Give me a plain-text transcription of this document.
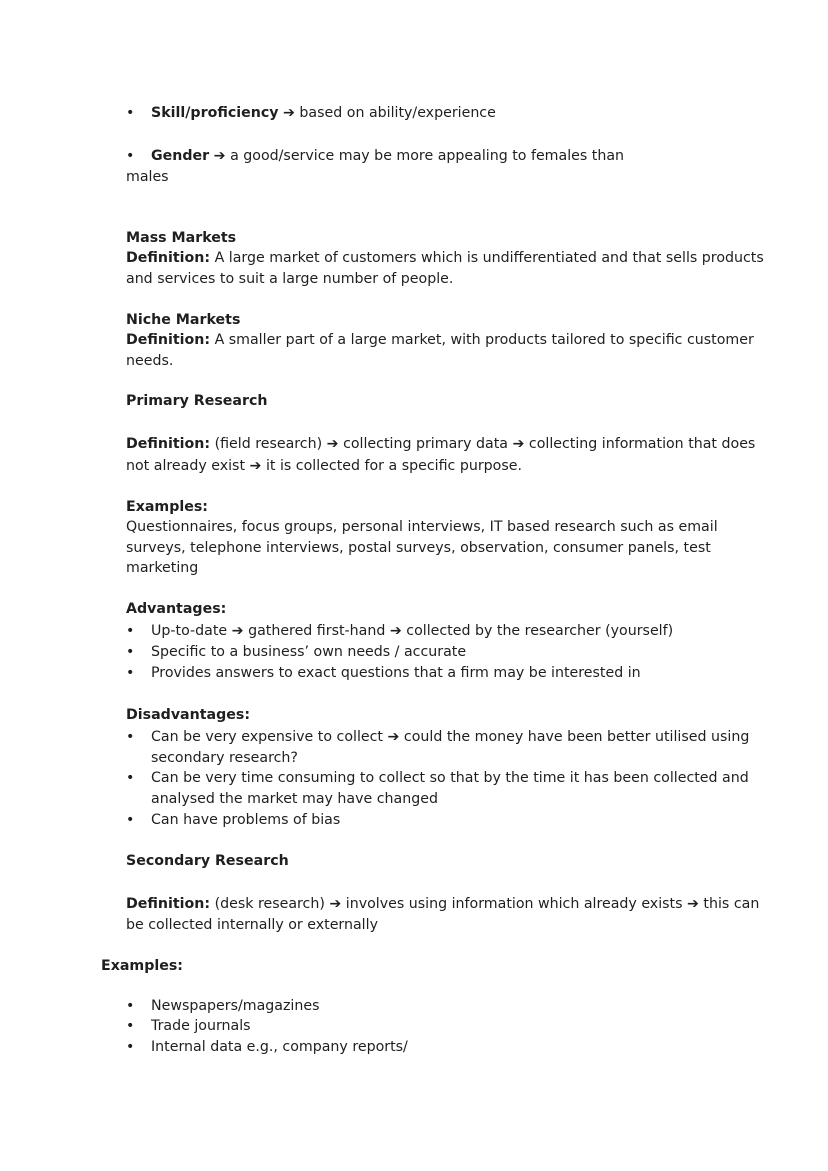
• Skill/proficiency ➔ based on ability/experience
• Gender ➔ a good/service may be more appealing to females than
males
Mass Markets
Definition: A large market of customers which is undifferentiated and that sells products
and services to suit a large number of people.
Niche Markets
Definition: A smaller part of a large market, with products tailored to specific customer
needs.
Primary Research
Definition: (field research) ➔ collecting primary data ➔ collecting information that does
not already exist ➔ it is collected for a specific purpose.
Examples:
Questionnaires, focus groups, personal interviews, IT based research such as email
surveys, telephone interviews, postal surveys, observation, consumer panels, test
marketing
Advantages:
• Up-to-date ➔ gathered first-hand ➔ collected by the researcher (yourself)
• Specific to a business’ own needs / accurate
• Provides answers to exact questions that a firm may be interested in
Disadvantages:
• Can be very expensive to collect ➔ could the money have been better utilised using
secondary research?
• Can be very time consuming to collect so that by the time it has been collected and
analysed the market may have changed
• Can have problems of bias
Secondary Research
Definition: (desk research) ➔ involves using information which already exists ➔ this can
be collected internally or externally
Examples:
• Newspapers/magazines
• Trade journals
• Internal data e.g., company reports/
